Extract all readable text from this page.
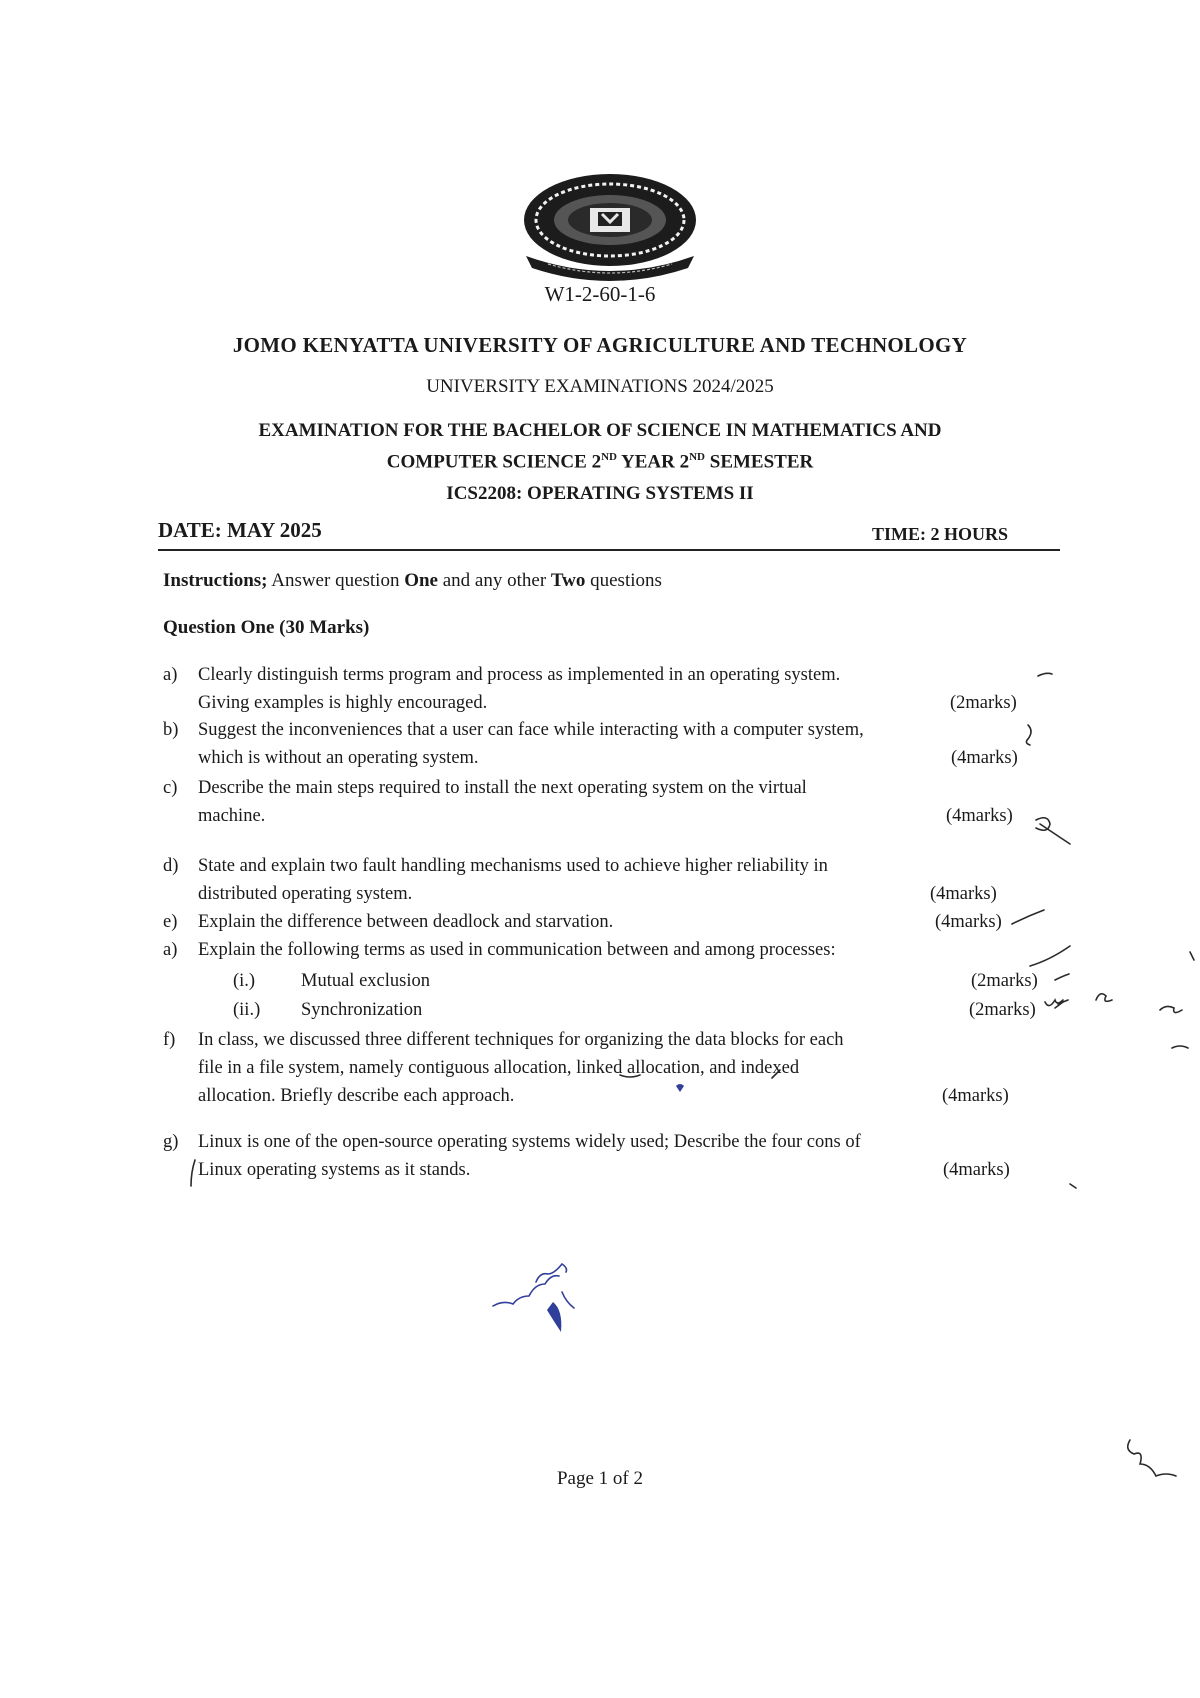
W1-2-60-1-6
JOMO KENYATTA UNIVERSITY OF AGRICULTURE AND TECHNOLOGY
UNIVERSITY EXAMINATIONS 2024/2025
EXAMINATION FOR THE BACHELOR OF SCIENCE IN MATHEMATICS AND
COMPUTER SCIENCE 2ND YEAR 2ND SEMESTER
ICS2208: OPERATING SYSTEMS II
DATE: MAY 2025	TIME: 2 HOURS
Instructions; Answer question One and any other Two questions
Question One (30 Marks)
a) Clearly distinguish terms program and process as implemented in an operating system.
Giving examples is highly encouraged.	(2marks)
b) Suggest the inconveniences that a user can face while interacting with a computer system,
which is without an operating system.	(4marks)
c) Describe the main steps required to install the next operating system on the virtual
machine.	(4marks)
d) State and explain two fault handling mechanisms used to achieve higher reliability in
distributed operating system.	(4marks)
e) Explain the difference between deadlock and starvation.	(4marks)
a) Explain the following terms as used in communication between and among processes:
(i.) Mutual exclusion	(2marks)
(ii.) Synchronization	(2marks)
f) In class, we discussed three different techniques for organizing the data blocks for each
file in a file system, namely contiguous allocation, linked allocation, and indexed
allocation. Briefly describe each approach.	(4marks)
g) Linux is one of the open-source operating systems widely used; Describe the four cons of
Linux operating systems as it stands.	(4marks)
Page 1 of 2
